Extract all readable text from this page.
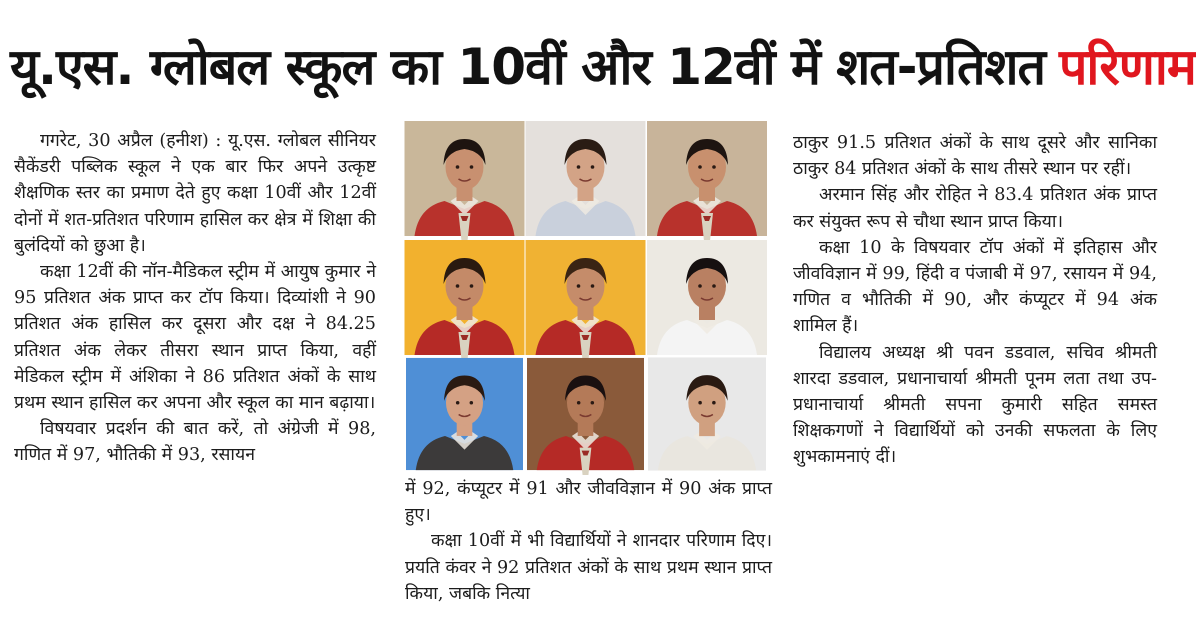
यू.एस. ग्लोबल स्कूल का 10वीं और 12वीं में शत-प्रतिशत परिणाम

गगरेट, 30 अप्रैल (हनीश) : यू.एस. ग्लोबल सीनियर सैकेंडरी पब्लिक स्कूल ने एक बार फिर अपने उत्कृष्ट शैक्षणिक स्तर का प्रमाण देते हुए कक्षा 10वीं और 12वीं दोनों में शत-प्रतिशत परिणाम हासिल कर क्षेत्र में शिक्षा की बुलंदियों को छुआ है।

कक्षा 12वीं की नॉन-मैडिकल स्ट्रीम में आयुष कुमार ने 95 प्रतिशत अंक प्राप्त कर टॉप किया। दिव्यांशी ने 90 प्रतिशत अंक हासिल कर दूसरा और दक्ष ने 84.25 प्रतिशत अंक लेकर तीसरा स्थान प्राप्त किया, वहीं मेडिकल स्ट्रीम में अंशिका ने 86 प्रतिशत अंकों के साथ प्रथम स्थान हासिल कर अपना और स्कूल का मान बढ़ाया।

विषयवार प्रदर्शन की बात करें, तो अंग्रेजी में 98, गणित में 97, भौतिकी में 93, रसायन

में 92, कंप्यूटर में 91 और जीवविज्ञान में 90 अंक प्राप्त हुए।

कक्षा 10वीं में भी विद्यार्थियों ने शानदार परिणाम दिए। प्रयति कंवर ने 92 प्रतिशत अंकों के साथ प्रथम स्थान प्राप्त किया, जबकि नित्या

ठाकुर 91.5 प्रतिशत अंकों के साथ दूसरे और सानिका ठाकुर 84 प्रतिशत अंकों के साथ तीसरे स्थान पर रहीं।

अरमान सिंह और रोहित ने 83.4 प्रतिशत अंक प्राप्त कर संयुक्त रूप से चौथा स्थान प्राप्त किया।

कक्षा 10 के विषयवार टॉप अंकों में इतिहास और जीवविज्ञान में 99, हिंदी व पंजाबी में 97, रसायन में 94, गणित व भौतिकी में 90, और कंप्यूटर में 94 अंक शामिल हैं।

विद्यालय अध्यक्ष श्री पवन डडवाल, सचिव श्रीमती शारदा डडवाल, प्रधानाचार्या श्रीमती पूनम लता तथा उप-प्रधानाचार्या श्रीमती सपना कुमारी सहित समस्त शिक्षकगणों ने विद्यार्थियों को उनकी सफलता के लिए शुभकामनाएं दीं।
